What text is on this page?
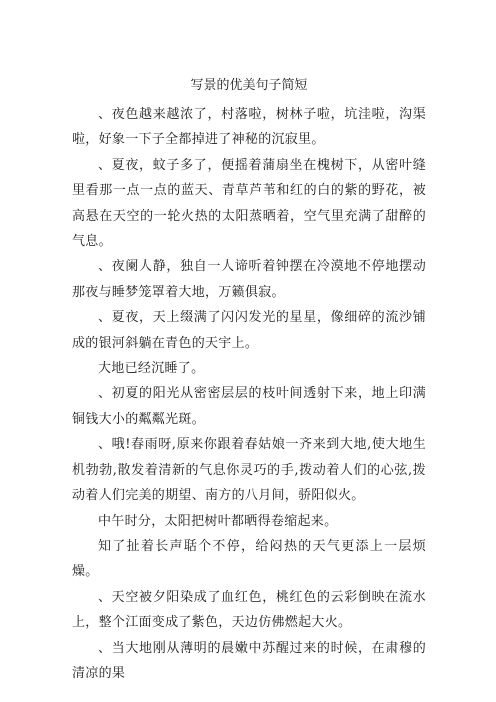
写景的优美句子简短

、夜色越来越浓了，村落啦，树林子啦，坑洼啦，沟渠啦，好象一下子全都掉进了神秘的沉寂里。

、夏夜，蚊子多了，便摇着蒲扇坐在槐树下，从密叶缝里看那一点一点的蓝天、青草芦苇和红的白的紫的野花，被高悬在天空的一轮火热的太阳蒸晒着，空气里充满了甜醉的气息。

、夜阑人静，独自一人谛听着钟摆在冷漠地不停地摆动那夜与睡梦笼罩着大地，万籁俱寂。

、夏夜，天上缀满了闪闪发光的星星，像细碎的流沙铺成的银河斜躺在青色的天宇上。

大地已经沉睡了。

、初夏的阳光从密密层层的枝叶间透射下来，地上印满铜钱大小的粼粼光斑。

、哦!春雨呀,原来你跟着春姑娘一齐来到大地,使大地生机勃勃,散发着清新的气息你灵巧的手,拨动着人们的心弦,拨动着人们完美的期望、南方的八月间，骄阳似火。

中午时分，太阳把树叶都晒得卷缩起来。

知了扯着长声聒个不停，给闷热的天气更添上一层烦燥。

、天空被夕阳染成了血红色，桃红色的云彩倒映在流水上，整个江面变成了紫色，天边仿佛燃起大火。

、当大地刚从薄明的晨嫩中苏醒过来的时候，在肃穆的清凉的果
